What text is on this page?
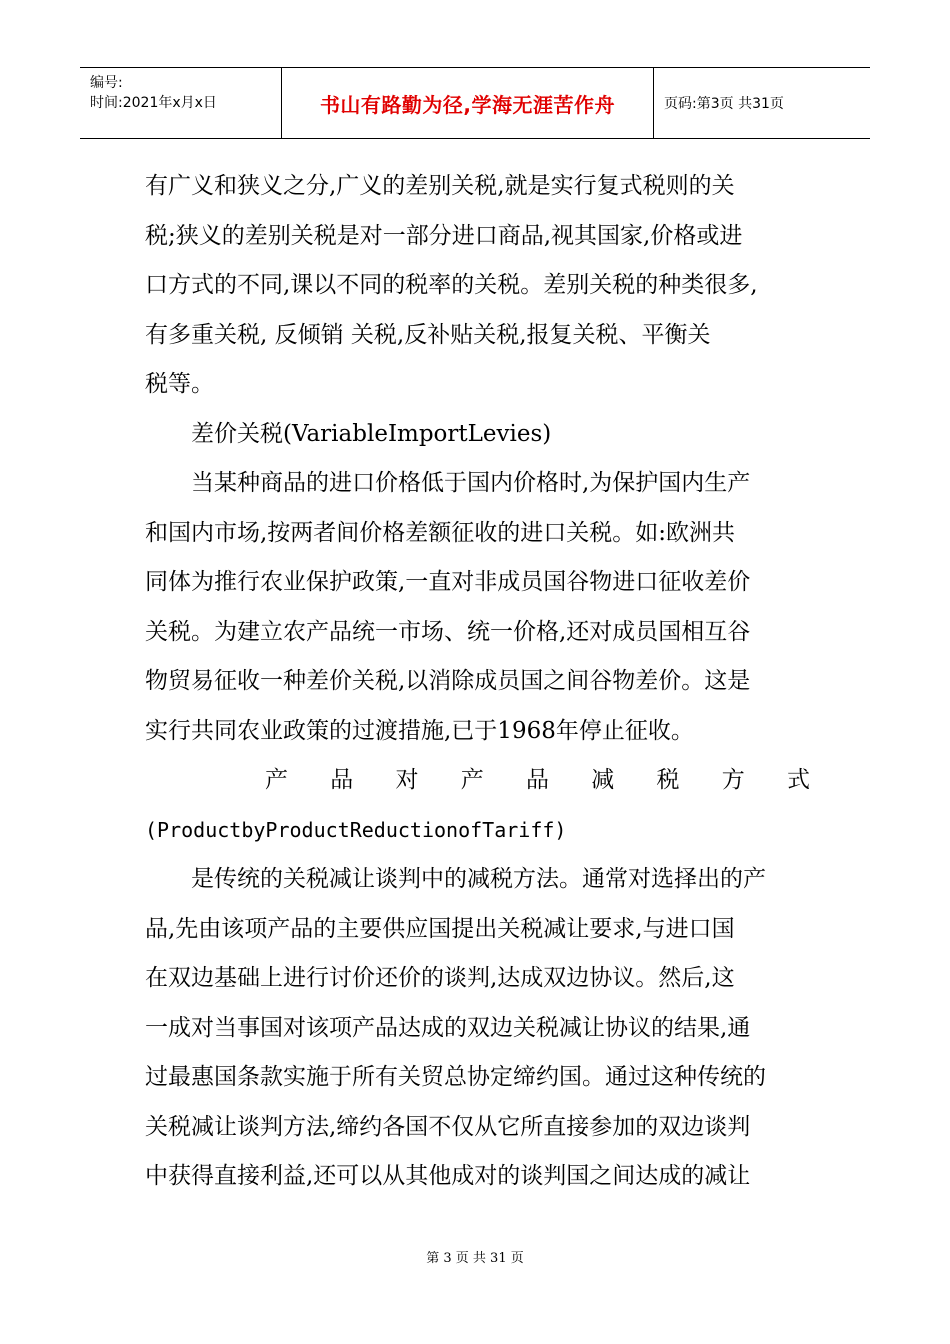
编号:
时间:2021年x月x日	书山有路勤为径,学海无涯苦作舟	页码:第3页 共31页
有广义和狭义之分,广义的差别关税,就是实行复式税则的关
税;狭义的差别关税是对一部分进口商品,视其国家,价格或进
口方式的不同,课以不同的税率的关税。差别关税的种类很多,
有多重关税, 反倾销 关税,反补贴关税,报复关税、平衡关
税等。
差价关税(VariableImportLevies)
当某种商品的进口价格低于国内价格时,为保护国内生产
和国内市场,按两者间价格差额征收的进口关税。如:欧洲共
同体为推行农业保护政策,一直对非成员国谷物进口征收差价
关税。为建立农产品统一市场、统一价格,还对成员国相互谷
物贸易征收一种差价关税,以消除成员国之间谷物差价。这是
实行共同农业政策的过渡措施,已于1968年停止征收。
产 品 对 产 品 减 税 方 式
(ProductbyProductReductionofTariff)
是传统的关税减让谈判中的减税方法。通常对选择出的产
品,先由该项产品的主要供应国提出关税减让要求,与进口国
在双边基础上进行讨价还价的谈判,达成双边协议。然后,这
一成对当事国对该项产品达成的双边关税减让协议的结果,通
过最惠国条款实施于所有关贸总协定缔约国。通过这种传统的
关税减让谈判方法,缔约各国不仅从它所直接参加的双边谈判
中获得直接利益,还可以从其他成对的谈判国之间达成的减让
第 3 页 共 31 页
